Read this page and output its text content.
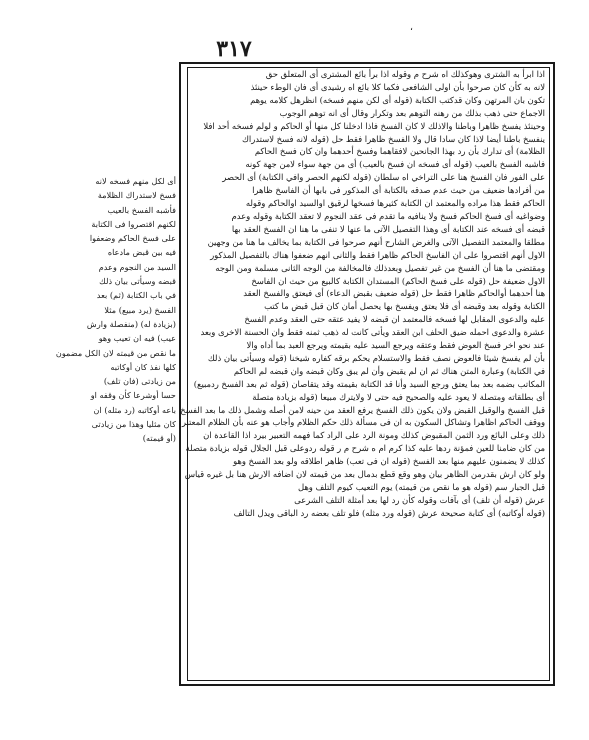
٣١٧
،
اذا ابرأ به الشترى وهوكذلك اه شرح م وقوله اذا برأ بائع المشترى أى المتعلق حق
لانه به كأن كان صرحوا بأن اولى الشافعى فكما كلا بائع اه رشيدى أى فان الوطء حينئذ
تكون بان المرتهن وكان قدكتب الكتابة (قوله أى لكن منهم فسخه) انظرهل كلامه يوهم
الاجماع حتى ذهب بذلك من رهنه التوهم بعد وتكرار وقال أى انه توهم الوجوب
وحينئذ يفسخ ظاهرا وباطنا والاذلك لا كان الفسخ فاذا ادخلنا كل منها أو الحاكم و لولم فسخه أحد افلا
ينفسخ باطنا أيضا لاذا كان سادا قال ولا الفسخ ظاهرا فقط حل (قوله لانه فسخ لاستدراك
الظلامة) أى تدارك بأن رد بهذا الجانحين لافقاهما وفسخ أحدهما وان كان فسخ الحاكم
فاشبه الفسخ بالعيب (قوله أى فسخه ان فسخ بالعيب) أى من جهة سواء لامن جهة كونه
على الفور فان الفسخ هنا على التراخي اه سلطان (قوله لكنهم الحصر وافي الكتابة) أى الحصر
من أفرادها ضعيف من حيث عدم صدقه بالكتابة أى المذكور فى بابها أن الفاسخ ظاهرا
الحاكم فقط هذا مراده والمعتمد ان الكتابة كثيرها فسخها لرقيق اوالسيد اوالحاكم وقوله
وضواغيه أى فسخ الحاكم فسخ ولا ينافيه ما تقدم فى عقد النجوم لا تعقد الكتابة وقوله وعدم
قبضه أى فسخه عند الكتابة أى وهذا التفصيل الآتى ما عنها لا تنفى ما هنا ان الفسخ العقد بها
مطلقا والمعتمد التفصيل الآتى والغرض الشارح أنهم صرحوا فى الكتابة بما يخالف ما هنا من وجهين
الاول أنهم اقتصروا على ان الفاسخ الحاكم ظاهرا فقط والثانى انهم ضعفوا هناك بالتفصيل المذكور
ومقتضى ما هنا أن الفسخ من غير تفصيل وبعدذلك فالمخالفة من الوجه الثانى مسلمة ومن الوجه
الاول ضعيفة حل (قوله على فسخ الحاكم) المستدان الكتابة كالبيع من حيث ان الفاسخ
هنا أحدهما أوالحاكم ظاهرا فقط حل (قوله ضعيف بقبض الدعاء) أى فيعتق والفسخ العقد
الكتابة وقوله بعد وقبضه أى فلا يعتق ويفسخ بها يحصل أمان كان قبل قبض ما كتب
عليه والدعوى المقابل لها فسخه فالمعتمد ان قبضه لا يفيد عتقه حتى العقد وعدم الفسخ
عشرة والدعوى احمله ضيق الحلف ابن العقد ويأتى كانت له ذهب ثمنه فقط وان الحسنة الاخرى وبعد
عند نحو اخر فسخ العوض فقط وعتقه ويرجع السيد عليه بقيمته ويرجع العبد بما أداه والا
بأن لم يفسخ شيئا فالعوض نصف فقط والاستسلام يحكم برقه كفاره شيخنا (قوله وسيأتى بيان ذلك
في الكتابة) وعبارة المتن هناك ثم ان لم يقبض وأن لم يبق وكان قبضه وان قبضه لم الحاكم
المكاتب بضمه بعد بما يعتق ورجع السيد وأنا قد الكتابة بقيمته وقد يتقاصان (قوله ثم بعد الفسخ ردمبيع)
أى بطلقاته ومتصلة لا يعود عليه والصحيح فيه حتى لا ولايترك مبيعا (قوله بزيادة متصلة
قبل الفسخ والوقبل القبض ولان يكون ذلك الفسخ يرفع العقد من حينه لامن أصله وشمل ذلك ما بعد الفسخ
ووقف الحاكم اظاهرا وتشاكل السكون به ان فى مسألة ذلك حكم الظلام وأجاب هو عنه بأن الظلام المعتبر
ذلك وعلى البائع ورد الثمن المقبوض كذلك ومونة الرد على الراد كما فهمه التعبير بيرد اذا القاعدة ان
من كان ضامنا للعين فمؤنة ردها عليه كذا كرم ام ه شرح م ر قوله ردوعلى قبل الجلال قوله بزيادة متصلة
كذلك لا يضمنون عليهم منها بعد الفسخ (قوله ان فى تعب) ظاهر اطلاقه ولو بعد الفسخ وهو
ولو كان ارش بقدرمن الظاهر بيان وهو وقع قطع بدمال بعد من قيمته لان اضافه الارش هنا بل غيره قياس
قبل الجبار سم (قوله هو ما نقص من قيمته) يوم التعيب كيوم التلف وهل
عرش (قوله أن تلف) أى بآفات وقوله كأن رد لها بعد أمثلة التلف الشرعى
(قوله أوكاتبه) أى كتابة صحيحة عرش (قوله ورد مثله) فلو تلف بعضه رد الباقى ويدل التالف
أى لكل منهم فسخه لانه
فسخ لاستدراك الظلامة
فأشبه الفسخ بالعيب
لكنهم اقتصروا فى الكتابة
على فسخ الحاكم وضعفوا
فيه بين قبض مادعاه
السيد من النجوم وعدم
قبضه وسيأتى بيان ذلك
في باب الكتابة (ثم) بعد
الفسخ (يرد مبيع) مثلا
(بزيادة له) (منفصلة وارش
عيب) فيه ان تعيب وهو
ما نقص من قيمته لان الكل مضمون
كلها نفذ كان أوكاتبه
من زيادتى (فان تلف)
حسا أوشرعا كأن وقفه او
باعه أوكاتبه (رد مثله) ان
كان مثليا وهذا من زيادتى
(أو قيمته)
